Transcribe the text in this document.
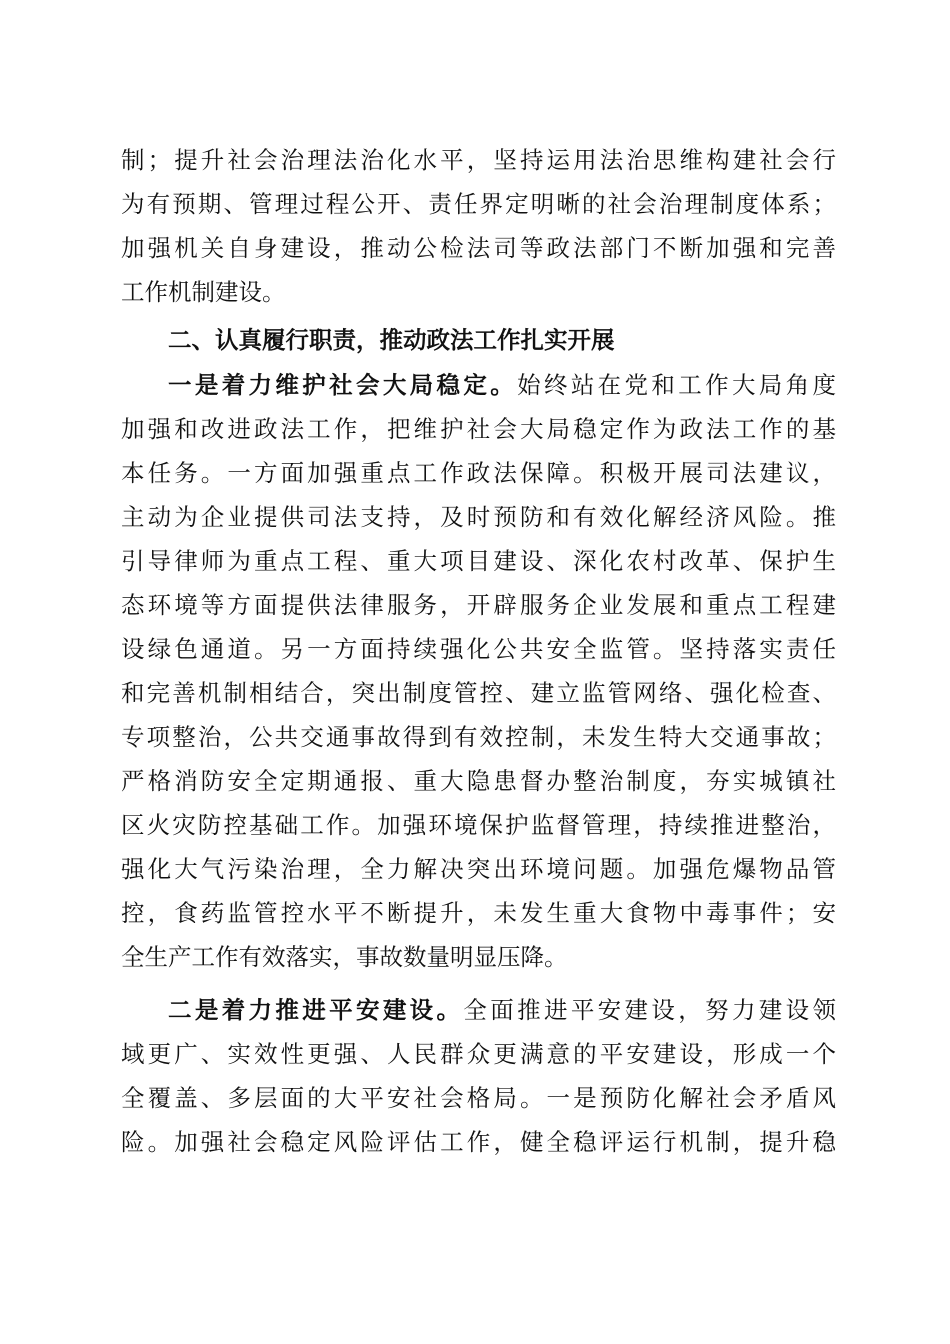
制；提升社会治理法治化水平，坚持运用法治思维构建社会行
为有预期、管理过程公开、责任界定明晰的社会治理制度体系；
加强机关自身建设，推动公检法司等政法部门不断加强和完善
工作机制建设。

二、认真履行职责，推动政法工作扎实开展

一是着力维护社会大局稳定。始终站在党和工作大局角度
加强和改进政法工作，把维护社会大局稳定作为政法工作的基
本任务。一方面加强重点工作政法保障。积极开展司法建议，
主动为企业提供司法支持，及时预防和有效化解经济风险。推
引导律师为重点工程、重大项目建设、深化农村改革、保护生
态环境等方面提供法律服务，开辟服务企业发展和重点工程建
设绿色通道。另一方面持续强化公共安全监管。坚持落实责任
和完善机制相结合，突出制度管控、建立监管网络、强化检查、
专项整治，公共交通事故得到有效控制，未发生特大交通事故；
严格消防安全定期通报、重大隐患督办整治制度，夯实城镇社
区火灾防控基础工作。加强环境保护监督管理，持续推进整治，
强化大气污染治理，全力解决突出环境问题。加强危爆物品管
控，食药监管控水平不断提升，未发生重大食物中毒事件；安
全生产工作有效落实，事故数量明显压降。

二是着力推进平安建设。全面推进平安建设，努力建设领
域更广、实效性更强、人民群众更满意的平安建设，形成一个
全覆盖、多层面的大平安社会格局。一是预防化解社会矛盾风
险。加强社会稳定风险评估工作，健全稳评运行机制，提升稳
